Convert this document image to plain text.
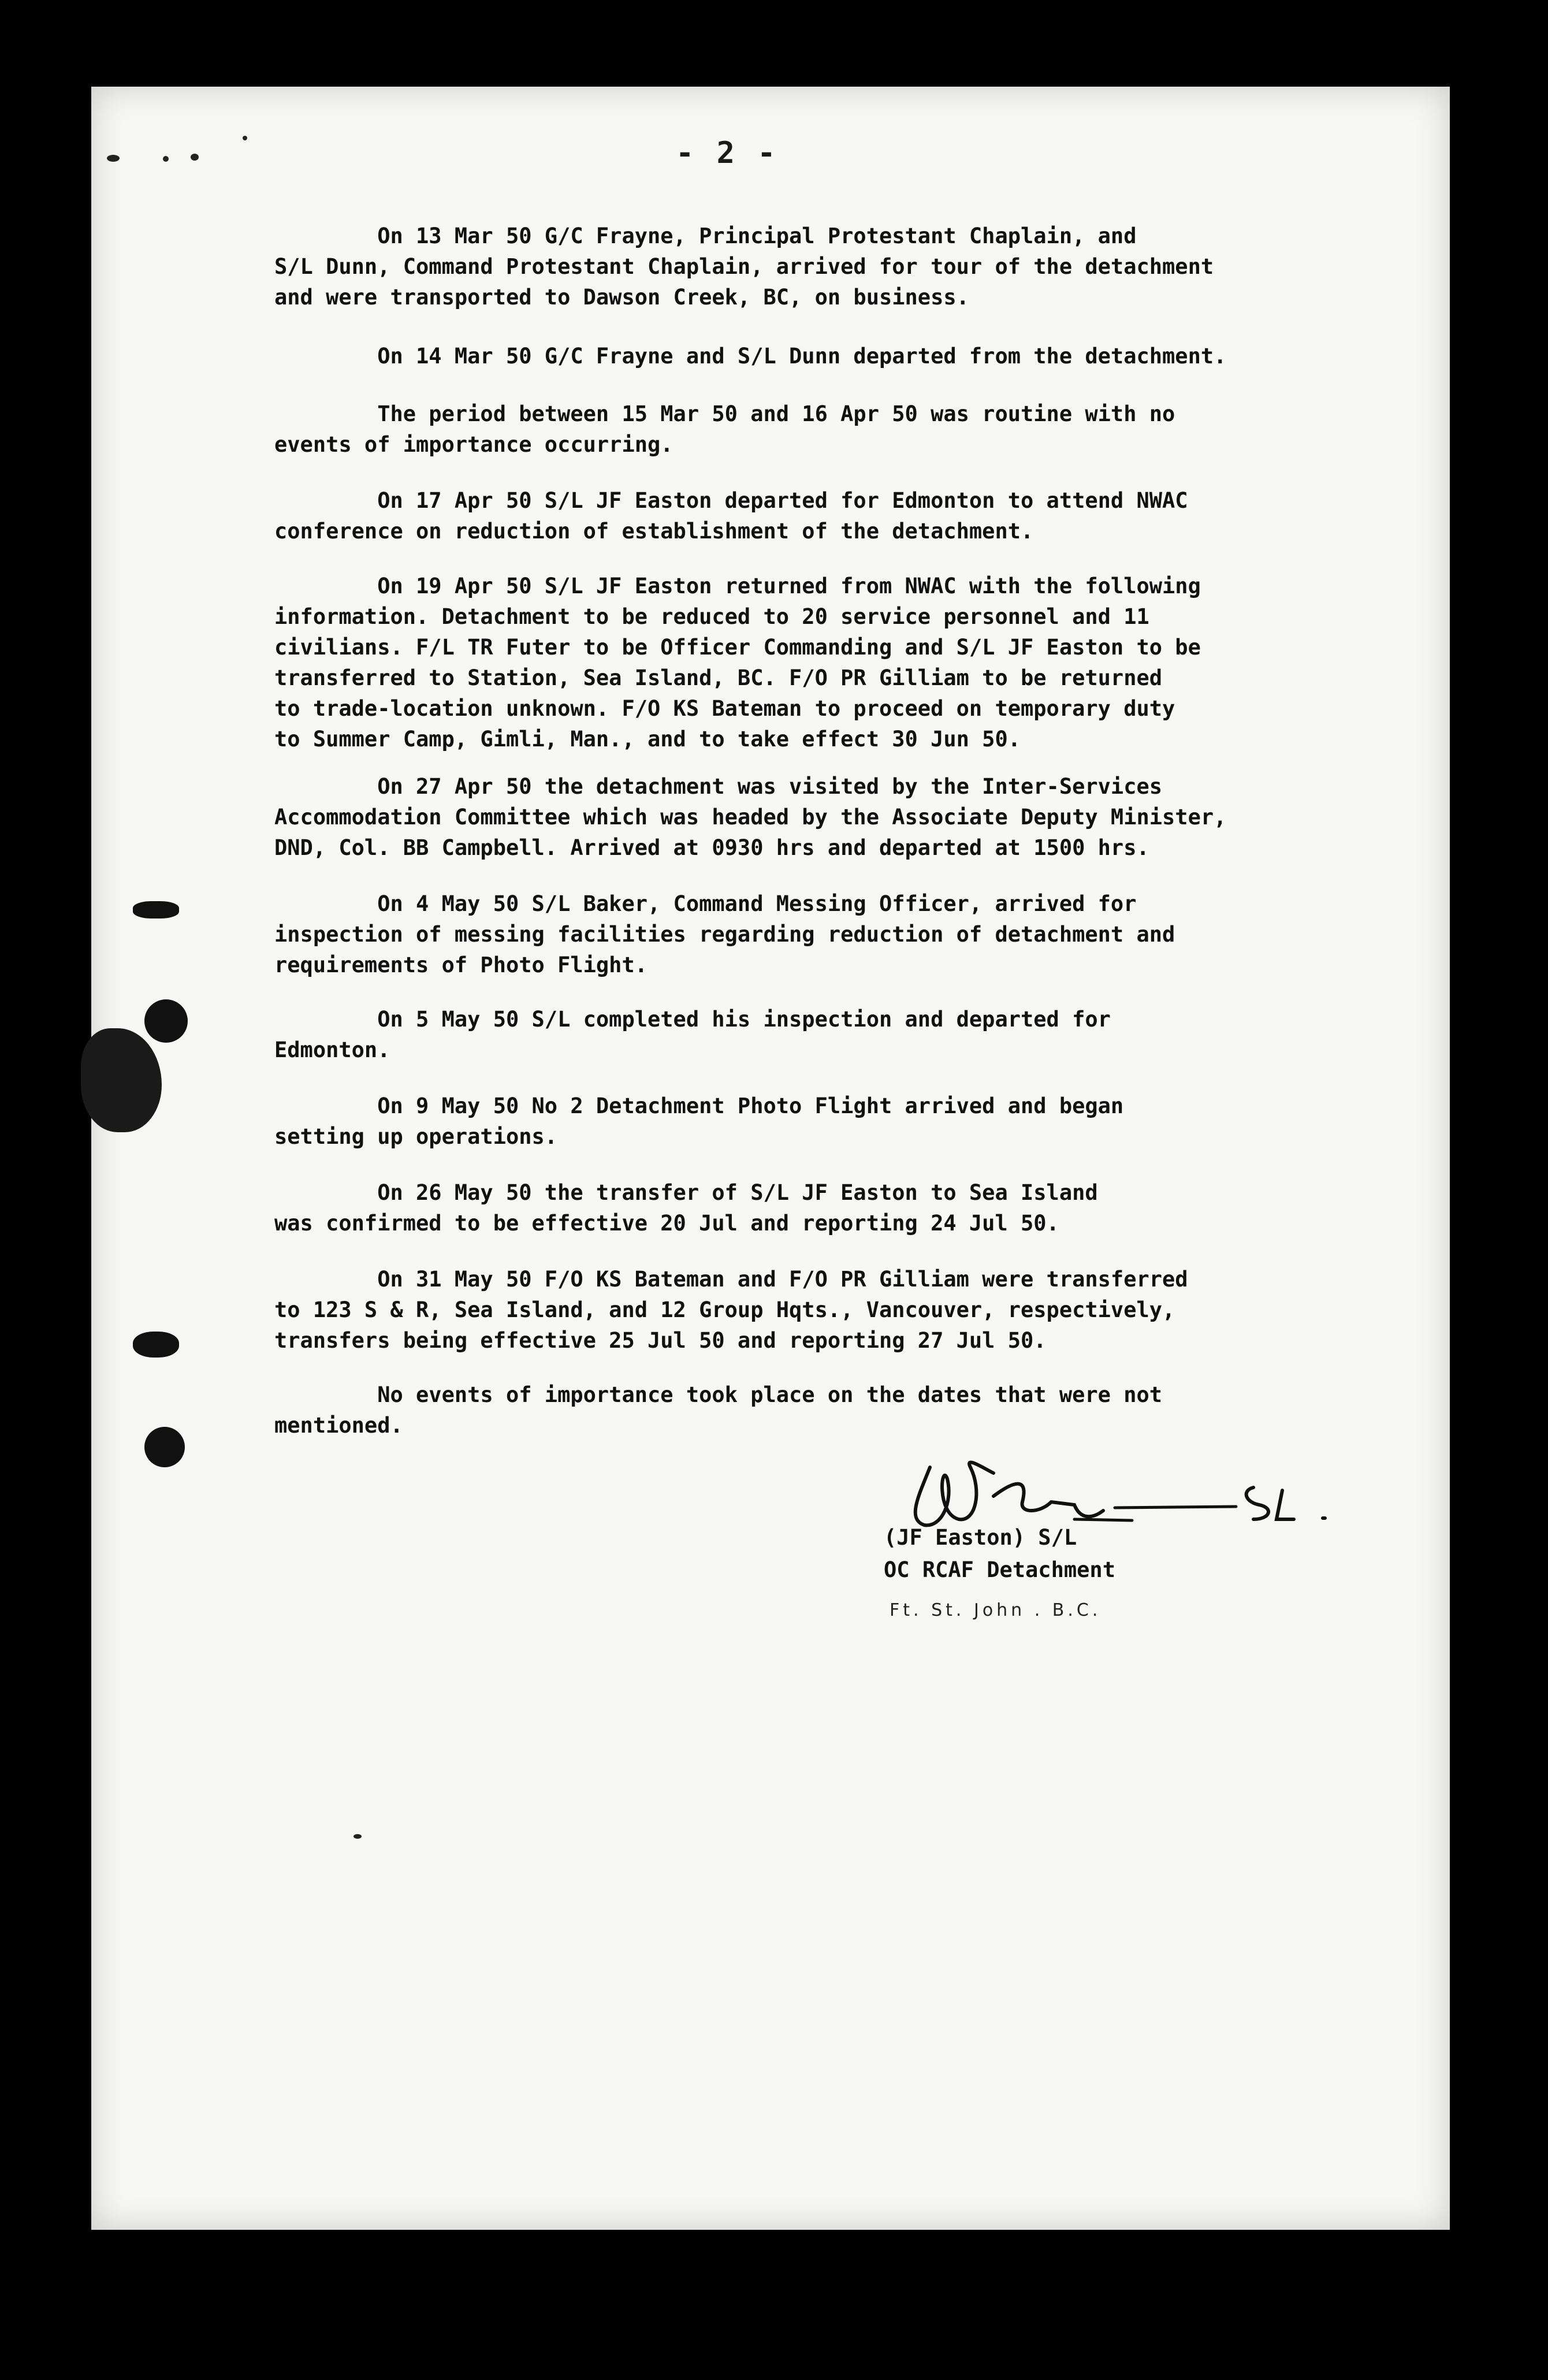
- 2 -
On 13 Mar 50 G/C Frayne, Principal Protestant Chaplain, and
S/L Dunn, Command Protestant Chaplain, arrived for tour of the detachment
and were transported to Dawson Creek, BC, on business.
On 14 Mar 50 G/C Frayne and S/L Dunn departed from the detachment.
The period between 15 Mar 50 and 16 Apr 50 was routine with no
events of importance occurring.
On 17 Apr 50 S/L JF Easton departed for Edmonton to attend NWAC
conference on reduction of establishment of the detachment.
On 19 Apr 50 S/L JF Easton returned from NWAC with the following
information. Detachment to be reduced to 20 service personnel and 11
civilians. F/L TR Futer to be Officer Commanding and S/L JF Easton to be
transferred to Station, Sea Island, BC. F/O PR Gilliam to be returned
to trade-location unknown. F/O KS Bateman to proceed on temporary duty
to Summer Camp, Gimli, Man., and to take effect 30 Jun 50.
On 27 Apr 50 the detachment was visited by the Inter-Services
Accommodation Committee which was headed by the Associate Deputy Minister,
DND, Col. BB Campbell. Arrived at 0930 hrs and departed at 1500 hrs.
On 4 May 50 S/L Baker, Command Messing Officer, arrived for
inspection of messing facilities regarding reduction of detachment and
requirements of Photo Flight.
On 5 May 50 S/L completed his inspection and departed for
Edmonton.
On 9 May 50 No 2 Detachment Photo Flight arrived and began
setting up operations.
On 26 May 50 the transfer of S/L JF Easton to Sea Island
was confirmed to be effective 20 Jul and reporting 24 Jul 50.
On 31 May 50 F/O KS Bateman and F/O PR Gilliam were transferred
to 123 S & R, Sea Island, and 12 Group Hqts., Vancouver, respectively,
transfers being effective 25 Jul 50 and reporting 27 Jul 50.
No events of importance took place on the dates that were not
mentioned.
(JF Easton) S/L
OC RCAF Detachment
Ft. St. John . B.C.
